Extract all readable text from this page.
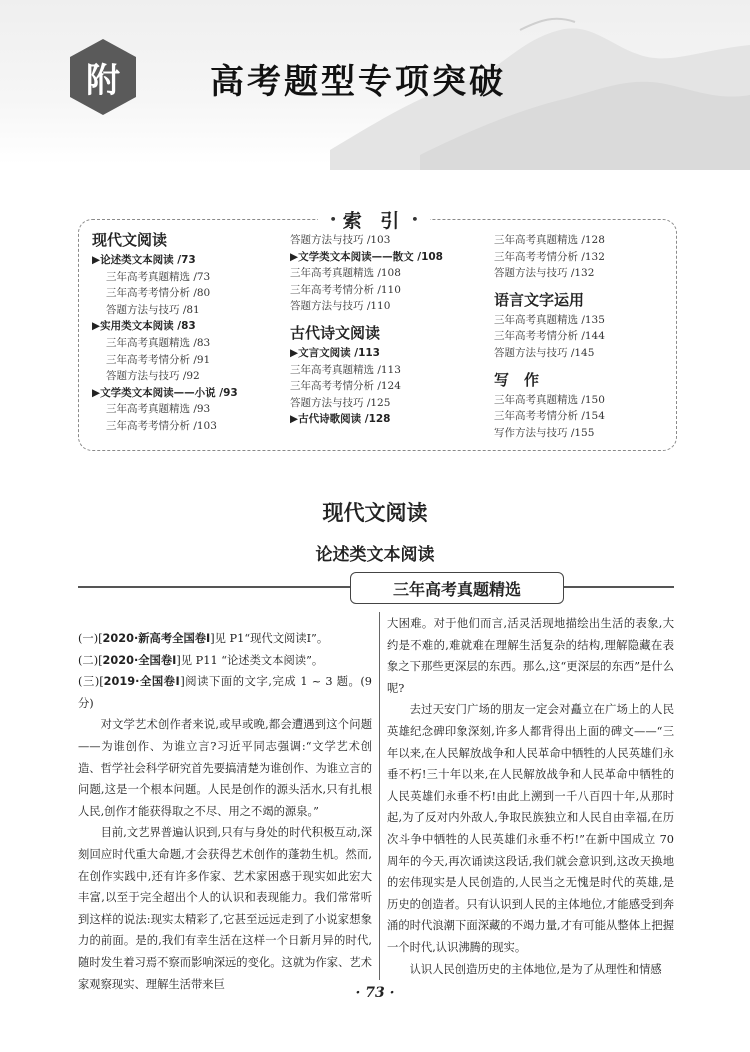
附	高考题型专项突破
• 索 引 •
现代文阅读
▶论述类文本阅读 /73
三年高考真题精选 /73
三年高考考情分析 /80
答题方法与技巧 /81
▶实用类文本阅读 /83
三年高考真题精选 /83
三年高考考情分析 /91
答题方法与技巧 /92
▶文学类文本阅读——小说 /93
三年高考真题精选 /93
三年高考考情分析 /103
答题方法与技巧 /103
▶文学类文本阅读——散文 /108
三年高考真题精选 /108
三年高考考情分析 /110
答题方法与技巧 /110
古代诗文阅读
▶文言文阅读 /113
三年高考真题精选 /113
三年高考考情分析 /124
答题方法与技巧 /125
▶古代诗歌阅读 /128
三年高考真题精选 /128
三年高考考情分析 /132
答题方法与技巧 /132
语言文字运用
三年高考真题精选 /135
三年高考考情分析 /144
答题方法与技巧 /145
写　作
三年高考真题精选 /150
三年高考考情分析 /154
写作方法与技巧 /155
现代文阅读
论述类文本阅读
三年高考真题精选

(一)[2020·新高考全国卷Ⅰ]见 P1“现代文阅读Ⅰ”。

(二)[2020·全国卷Ⅰ]见 P11 “论述类文本阅读”。

(三)[2019·全国卷Ⅰ]阅读下面的文字,完成 1 ~ 3 题。(9 分)

对文学艺术创作者来说,或早或晚,都会遭遇到这个问题——为谁创作、为谁立言?习近平同志强调:“文学艺术创造、哲学社会科学研究首先要搞清楚为谁创作、为谁立言的问题,这是一个根本问题。人民是创作的源头活水,只有扎根人民,创作才能获得取之不尽、用之不竭的源泉。”

目前,文艺界普遍认识到,只有与身处的时代积极互动,深刻回应时代重大命题,才会获得艺术创作的蓬勃生机。然而,在创作实践中,还有许多作家、艺术家困惑于现实如此宏大丰富,以至于完全超出个人的认识和表现能力。我们常常听到这样的说法:现实太精彩了,它甚至远远走到了小说家想象力的前面。是的,我们有幸生活在这样一个日新月异的时代,随时发生着习焉不察而影响深远的变化。这就为作家、艺术家观察现实、理解生活带来巨

大困难。对于他们而言,活灵活现地描绘出生活的表象,大约是不难的,难就难在理解生活复杂的结构,理解隐藏在表象之下那些更深层的东西。那么,这“更深层的东西”是什么呢?

去过天安门广场的朋友一定会对矗立在广场上的人民英雄纪念碑印象深刻,许多人都背得出上面的碑文——“三年以来,在人民解放战争和人民革命中牺牲的人民英雄们永垂不朽!三十年以来,在人民解放战争和人民革命中牺牲的人民英雄们永垂不朽!由此上溯到一千八百四十年,从那时起,为了反对内外敌人,争取民族独立和人民自由幸福,在历次斗争中牺牲的人民英雄们永垂不朽!”在新中国成立 70 周年的今天,再次诵读这段话,我们就会意识到,这改天换地的宏伟现实是人民创造的,人民当之无愧是时代的英雄,是历史的创造者。只有认识到人民的主体地位,才能感受到奔涌的时代浪潮下面深藏的不竭力量,才有可能从整体上把握一个时代,认识沸腾的现实。

认识人民创造历史的主体地位,是为了从理性和情感

· 73 ·
